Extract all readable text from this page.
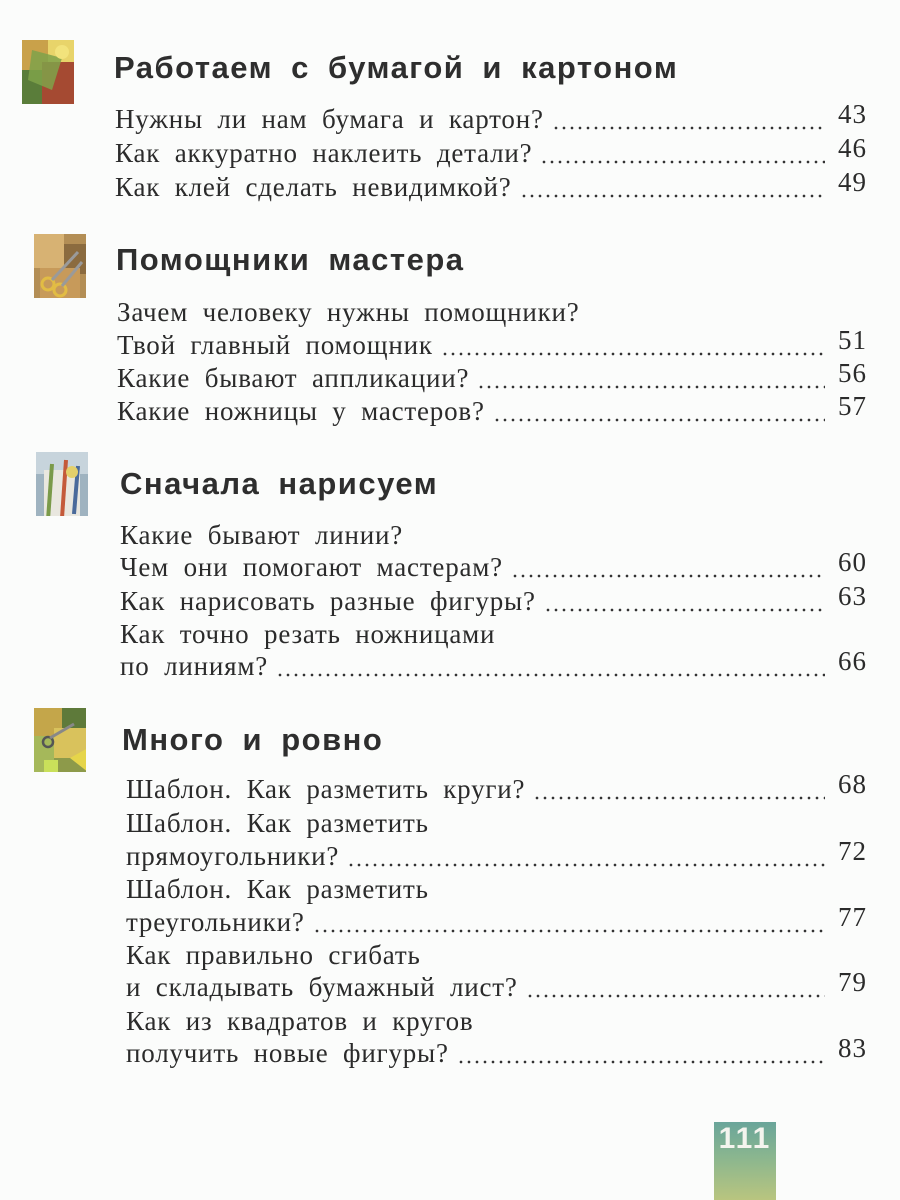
Работаем с бумагой и картоном
Нужны ли нам бумага и картон?	43
Как аккуратно наклеить детали?	46
Как клей сделать невидимкой?	49
Помощники мастера
Зачем человеку нужны помощники?
Твой главный помощник	51
Какие бывают аппликации?	56
Какие ножницы у мастеров?	57
Сначала нарисуем
Какие бывают линии?
Чем они помогают мастерам?	60
Как нарисовать разные фигуры?	63
Как точно резать ножницами
по линиям?	66
Много и ровно
Шаблон. Как разметить круги?	68
Шаблон. Как разметить
прямоугольники?	72
Шаблон. Как разметить
треугольники?	77
Как правильно сгибать
и складывать бумажный лист?	79
Как из квадратов и кругов
получить новые фигуры?	83
111
